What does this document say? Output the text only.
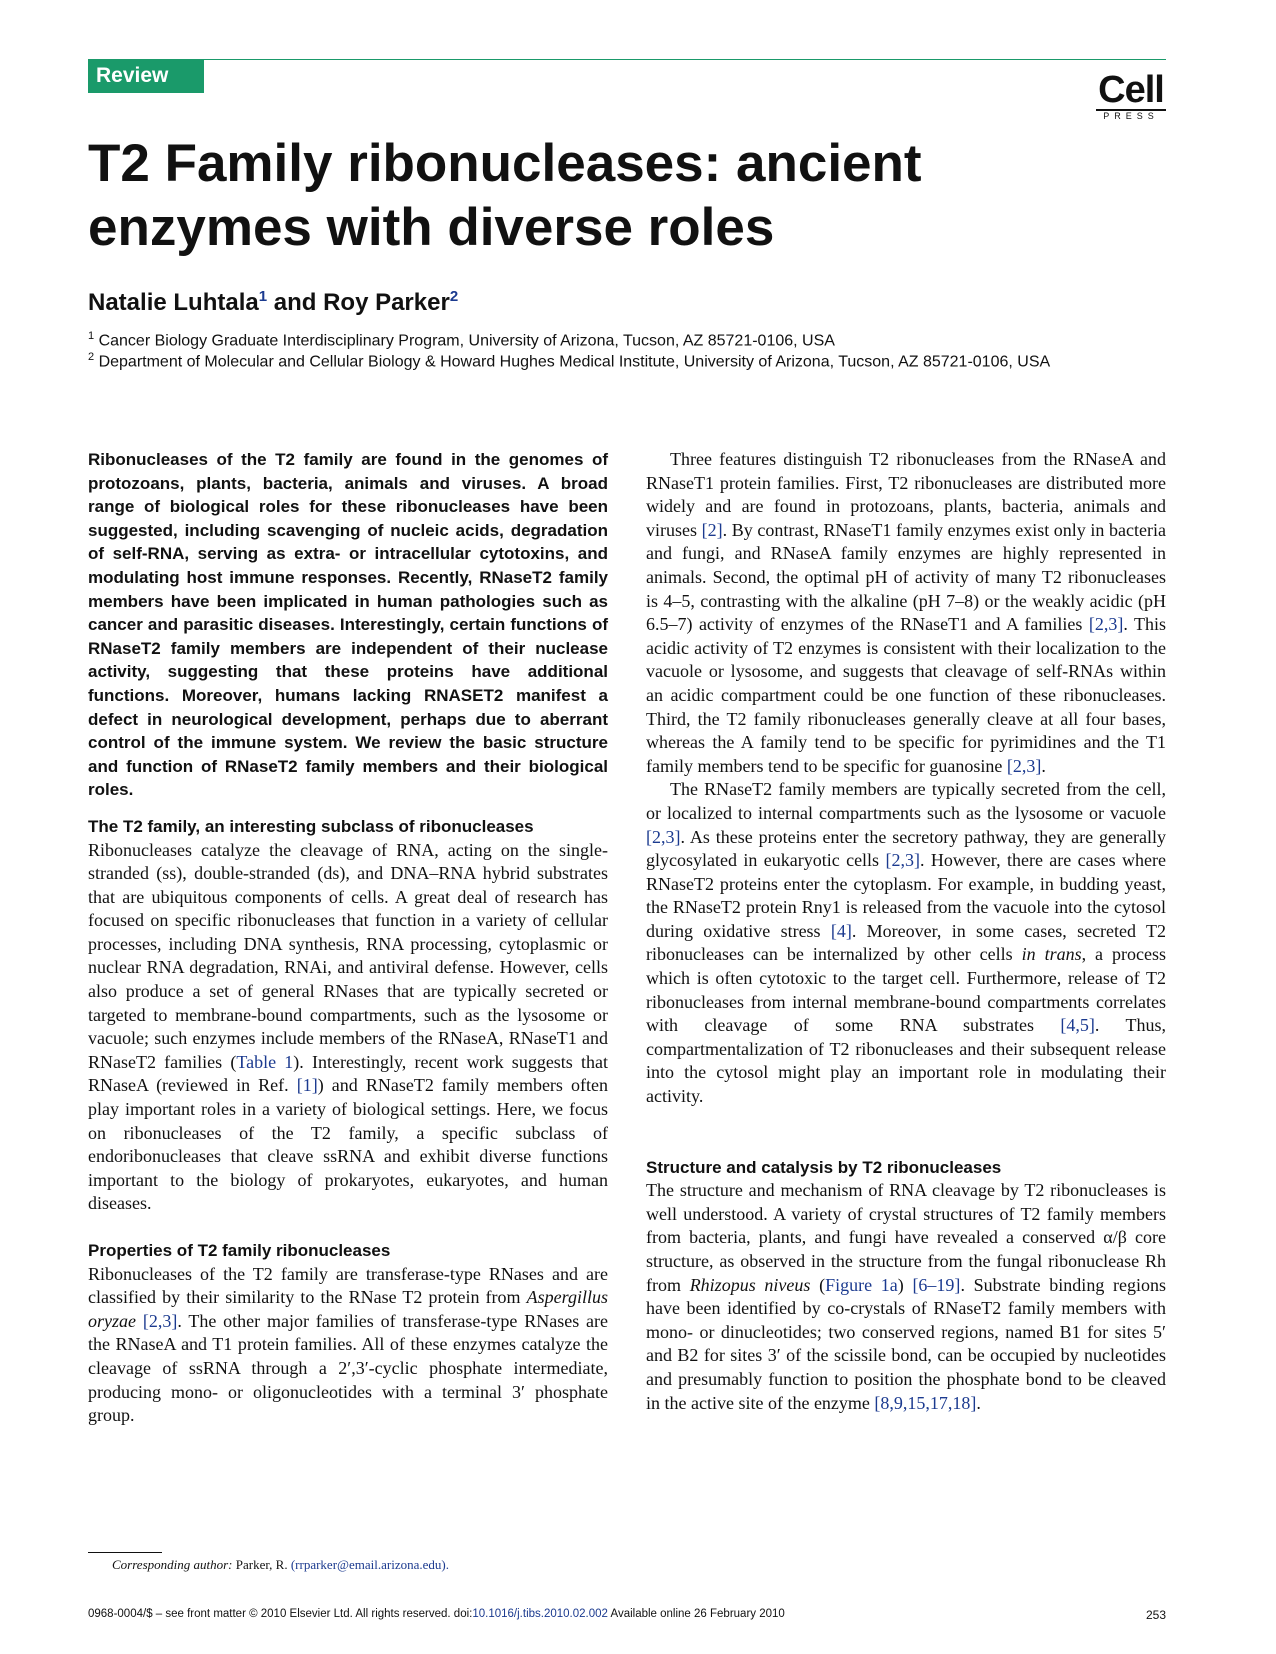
Review	Cell
PRESS
T2 Family ribonucleases: ancient enzymes with diverse roles

Natalie Luhtala$^1$ and Roy Parker$^2$

$^1$ Cancer Biology Graduate Interdisciplinary Program, University of Arizona, Tucson, AZ 85721-0106, USA

$^2$ Department of Molecular and Cellular Biology & Howard Hughes Medical Institute, University of Arizona, Tucson, AZ 85721-0106, USA

Ribonucleases of the T2 family are found in the genomes of protozoans, plants, bacteria, animals and viruses. A broad range of biological roles for these ribonucleases have been suggested, including scavenging of nucleic acids, degradation of self-RNA, serving as extra- or intracellular cytotoxins, and modulating host immune responses. Recently, RNaseT2 family members have been implicated in human pathologies such as cancer and parasitic diseases. Interestingly, certain functions of RNaseT2 family members are independent of their nuclease activity, suggesting that these proteins have additional functions. Moreover, humans lacking RNASET2 manifest a defect in neurological development, perhaps due to aberrant control of the immune system. We review the basic structure and function of RNaseT2 family members and their biological roles.

The T2 family, an interesting subclass of ribonucleases

Ribonucleases catalyze the cleavage of RNA, acting on the single-stranded (ss), double-stranded (ds), and DNA–RNA hybrid substrates that are ubiquitous components of cells. A great deal of research has focused on specific ribonucleases that function in a variety of cellular processes, including DNA synthesis, RNA processing, cytoplasmic or nuclear RNA degradation, RNAi, and antiviral defense. However, cells also produce a set of general RNases that are typically secreted or targeted to membrane-bound compartments, such as the lysosome or vacuole; such enzymes include members of the RNaseA, RNaseT1 and RNaseT2 families (Table 1). Interestingly, recent work suggests that RNaseA (reviewed in Ref. [1]) and RNaseT2 family members often play important roles in a variety of biological settings. Here, we focus on ribonucleases of the T2 family, a specific subclass of endoribonucleases that cleave ssRNA and exhibit diverse functions important to the biology of prokaryotes, eukaryotes, and human diseases.

Properties of T2 family ribonucleases

Ribonucleases of the T2 family are transferase-type RNases and are classified by their similarity to the RNase T2 protein from Aspergillus oryzae [2,3]. The other major families of transferase-type RNases are the RNaseA and T1 protein families. All of these enzymes catalyze the cleavage of ssRNA through a 2′,3′-cyclic phosphate intermediate, producing mono- or oligonucleotides with a terminal 3′ phosphate group.

Three features distinguish T2 ribonucleases from the RNaseA and RNaseT1 protein families. First, T2 ribonucleases are distributed more widely and are found in protozoans, plants, bacteria, animals and viruses [2]. By contrast, RNaseT1 family enzymes exist only in bacteria and fungi, and RNaseA family enzymes are highly represented in animals. Second, the optimal pH of activity of many T2 ribonucleases is 4–5, contrasting with the alkaline (pH 7–8) or the weakly acidic (pH 6.5–7) activity of enzymes of the RNaseT1 and A families [2,3]. This acidic activity of T2 enzymes is consistent with their localization to the vacuole or lysosome, and suggests that cleavage of self-RNAs within an acidic compartment could be one function of these ribonucleases. Third, the T2 family ribonucleases generally cleave at all four bases, whereas the A family tend to be specific for pyrimidines and the T1 family members tend to be specific for guanosine [2,3].

The RNaseT2 family members are typically secreted from the cell, or localized to internal compartments such as the lysosome or vacuole [2,3]. As these proteins enter the secretory pathway, they are generally glycosylated in eukaryotic cells [2,3]. However, there are cases where RNaseT2 proteins enter the cytoplasm. For example, in budding yeast, the RNaseT2 protein Rny1 is released from the vacuole into the cytosol during oxidative stress [4]. Moreover, in some cases, secreted T2 ribonucleases can be internalized by other cells in trans, a process which is often cytotoxic to the target cell. Furthermore, release of T2 ribonucleases from internal membrane-bound compartments correlates with cleavage of some RNA substrates [4,5]. Thus, compartmentalization of T2 ribonucleases and their subsequent release into the cytosol might play an important role in modulating their activity.

Structure and catalysis by T2 ribonucleases

The structure and mechanism of RNA cleavage by T2 ribonucleases is well understood. A variety of crystal structures of T2 family members from bacteria, plants, and fungi have revealed a conserved α/β core structure, as observed in the structure from the fungal ribonuclease Rh from Rhizopus niveus (Figure 1a) [6–19]. Substrate binding regions have been identified by co-crystals of RNaseT2 family members with mono- or dinucleotides; two conserved regions, named B1 for sites 5′ and B2 for sites 3′ of the scissile bond, can be occupied by nucleotides and presumably function to position the phosphate bond to be cleaved in the active site of the enzyme [8,9,15,17,18].

Corresponding author: Parker, R. (rrparker@email.arizona.edu).
0968-0004/$ – see front matter © 2010 Elsevier Ltd. All rights reserved. doi:10.1016/j.tibs.2010.02.002 Available online 26 February 2010	253
